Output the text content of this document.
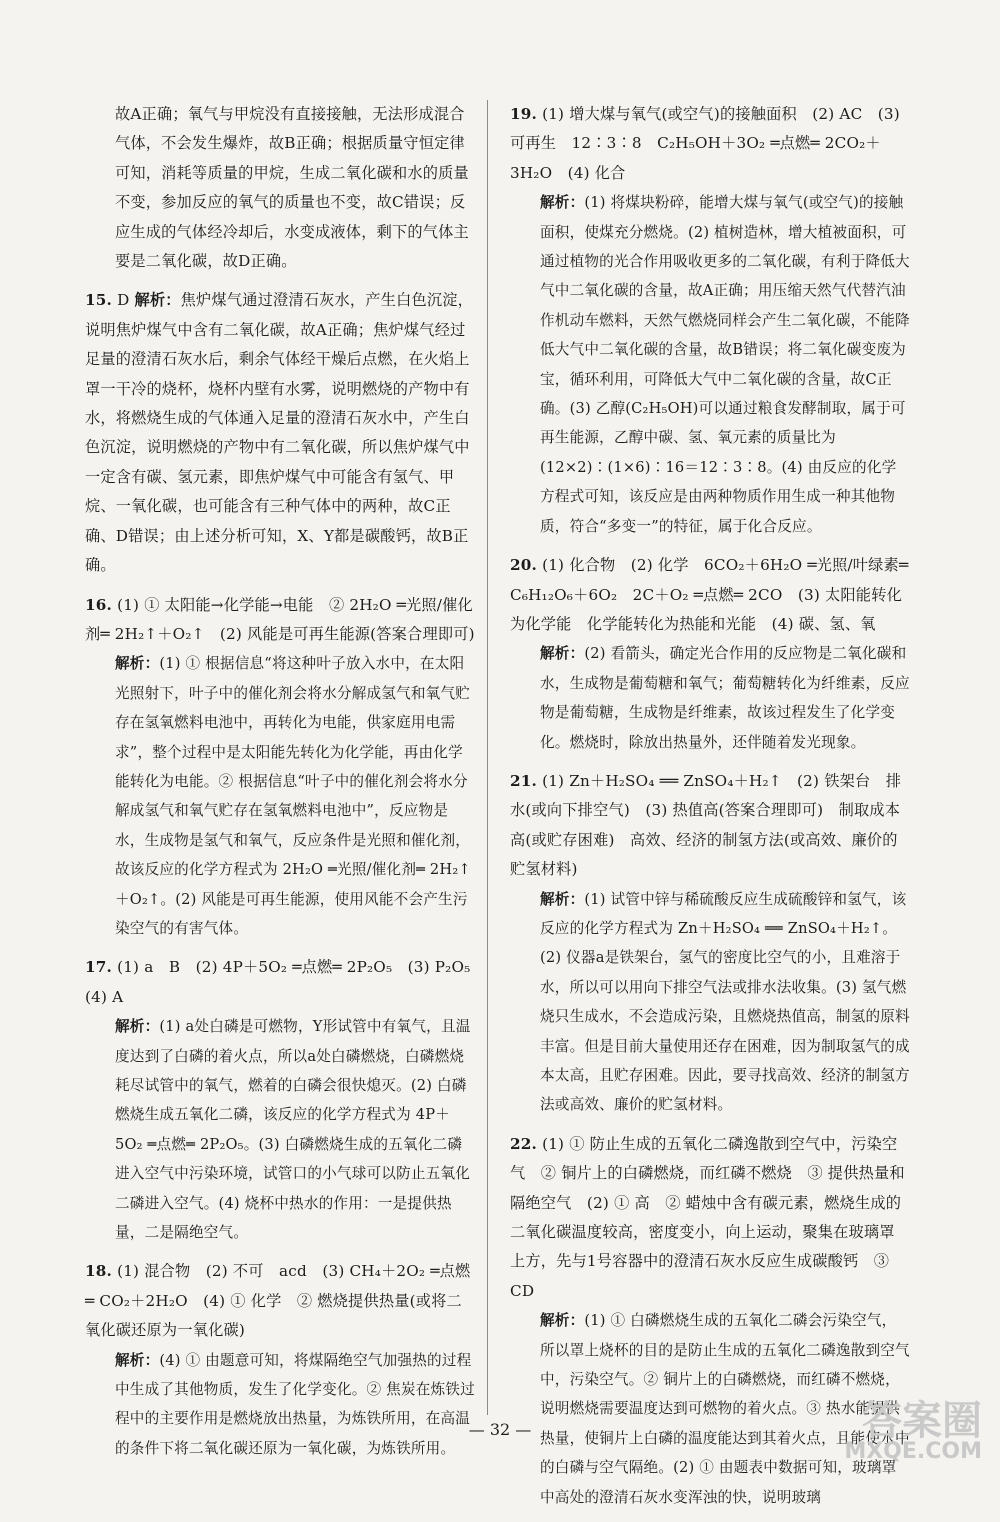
故A正确；氧气与甲烷没有直接接触，无法形成混合气体，不会发生爆炸，故B正确；根据质量守恒定律可知，消耗等质量的甲烷，生成二氧化碳和水的质量不变，参加反应的氧气的质量也不变，故C错误；反应生成的气体经冷却后，水变成液体，剩下的气体主要是二氧化碳，故D正确。
15. D 解析：焦炉煤气通过澄清石灰水，产生白色沉淀，说明焦炉煤气中含有二氧化碳，故A正确；焦炉煤气经过足量的澄清石灰水后，剩余气体经干燥后点燃，在火焰上罩一干冷的烧杯，烧杯内壁有水雾，说明燃烧的产物中有水，将燃烧生成的气体通入足量的澄清石灰水中，产生白色沉淀，说明燃烧的产物中有二氧化碳，所以焦炉煤气中一定含有碳、氢元素，即焦炉煤气中可能含有氢气、甲烷、一氧化碳，也可能含有三种气体中的两种，故C正确、D错误；由上述分析可知，X、Y都是碳酸钙，故B正确。
16. (1) ① 太阳能→化学能→电能　② 2H₂O ═光照/催化剂═ 2H₂↑＋O₂↑　(2) 风能是可再生能源(答案合理即可)
解析：(1) ① 根据信息“将这种叶子放入水中，在太阳光照射下，叶子中的催化剂会将水分解成氢气和氧气贮存在氢氧燃料电池中，再转化为电能，供家庭用电需求”，整个过程中是太阳能先转化为化学能，再由化学能转化为电能。② 根据信息“叶子中的催化剂会将水分解成氢气和氧气贮存在氢氧燃料电池中”，反应物是水，生成物是氢气和氧气，反应条件是光照和催化剂，故该反应的化学方程式为 2H₂O ═光照/催化剂═ 2H₂↑＋O₂↑。(2) 风能是可再生能源，使用风能不会产生污染空气的有害气体。
17. (1) a　B　(2) 4P＋5O₂ ═点燃═ 2P₂O₅　(3) P₂O₅　(4) A
解析：(1) a处白磷是可燃物，Y形试管中有氧气，且温度达到了白磷的着火点，所以a处白磷燃烧，白磷燃烧耗尽试管中的氧气，燃着的白磷会很快熄灭。(2) 白磷燃烧生成五氧化二磷，该反应的化学方程式为 4P＋5O₂ ═点燃═ 2P₂O₅。(3) 白磷燃烧生成的五氧化二磷进入空气中污染环境，试管口的小气球可以防止五氧化二磷进入空气。(4) 烧杯中热水的作用：一是提供热量，二是隔绝空气。
18. (1) 混合物　(2) 不可　acd　(3) CH₄＋2O₂ ═点燃═ CO₂＋2H₂O　(4) ① 化学　② 燃烧提供热量(或将二氧化碳还原为一氧化碳)
解析：(4) ① 由题意可知，将煤隔绝空气加强热的过程中生成了其他物质，发生了化学变化。② 焦炭在炼铁过程中的主要作用是燃烧放出热量，为炼铁所用，在高温的条件下将二氧化碳还原为一氧化碳，为炼铁所用。
19. (1) 增大煤与氧气(或空气)的接触面积　(2) AC　(3) 可再生　12∶3∶8　C₂H₅OH＋3O₂ ═点燃═ 2CO₂＋3H₂O　(4) 化合
解析：(1) 将煤块粉碎，能增大煤与氧气(或空气)的接触面积，使煤充分燃烧。(2) 植树造林，增大植被面积，可通过植物的光合作用吸收更多的二氧化碳，有利于降低大气中二氧化碳的含量，故A正确；用压缩天然气代替汽油作机动车燃料，天然气燃烧同样会产生二氧化碳，不能降低大气中二氧化碳的含量，故B错误；将二氧化碳变废为宝，循环利用，可降低大气中二氧化碳的含量，故C正确。(3) 乙醇(C₂H₅OH)可以通过粮食发酵制取，属于可再生能源，乙醇中碳、氢、氧元素的质量比为(12×2)∶(1×6)∶16＝12∶3∶8。(4) 由反应的化学方程式可知，该反应是由两种物质作用生成一种其他物质，符合“多变一”的特征，属于化合反应。
20. (1) 化合物　(2) 化学　6CO₂＋6H₂O ═光照/叶绿素═ C₆H₁₂O₆＋6O₂　2C＋O₂ ═点燃═ 2CO　(3) 太阳能转化为化学能　化学能转化为热能和光能　(4) 碳、氢、氧
解析：(2) 看箭头，确定光合作用的反应物是二氧化碳和水，生成物是葡萄糖和氧气；葡萄糖转化为纤维素，反应物是葡萄糖，生成物是纤维素，故该过程发生了化学变化。燃烧时，除放出热量外，还伴随着发光现象。
21. (1) Zn＋H₂SO₄ ══ ZnSO₄＋H₂↑　(2) 铁架台　排水(或向下排空气)　(3) 热值高(答案合理即可)　制取成本高(或贮存困难)　高效、经济的制氢方法(或高效、廉价的贮氢材料)
解析：(1) 试管中锌与稀硫酸反应生成硫酸锌和氢气，该反应的化学方程式为 Zn＋H₂SO₄ ══ ZnSO₄＋H₂↑。(2) 仪器a是铁架台，氢气的密度比空气的小，且难溶于水，所以可以用向下排空气法或排水法收集。(3) 氢气燃烧只生成水，不会造成污染，且燃烧热值高，制氢的原料丰富。但是目前大量使用还存在困难，因为制取氢气的成本太高，且贮存困难。因此，要寻找高效、经济的制氢方法或高效、廉价的贮氢材料。
22. (1) ① 防止生成的五氧化二磷逸散到空气中，污染空气　② 铜片上的白磷燃烧，而红磷不燃烧　③ 提供热量和隔绝空气　(2) ① 高　② 蜡烛中含有碳元素，燃烧生成的二氧化碳温度较高，密度变小，向上运动，聚集在玻璃罩上方，先与1号容器中的澄清石灰水反应生成碳酸钙　③ CD
解析：(1) ① 白磷燃烧生成的五氧化二磷会污染空气，所以罩上烧杯的目的是防止生成的五氧化二磷逸散到空气中，污染空气。② 铜片上的白磷燃烧，而红磷不燃烧，说明燃烧需要温度达到可燃物的着火点。③ 热水能提供热量，使铜片上白磷的温度能达到其着火点，且能使水中的白磷与空气隔绝。(2) ① 由题表中数据可知，玻璃罩中高处的澄清石灰水变浑浊的快，说明玻璃
— 32 —	答案圈
MXQE.COM
